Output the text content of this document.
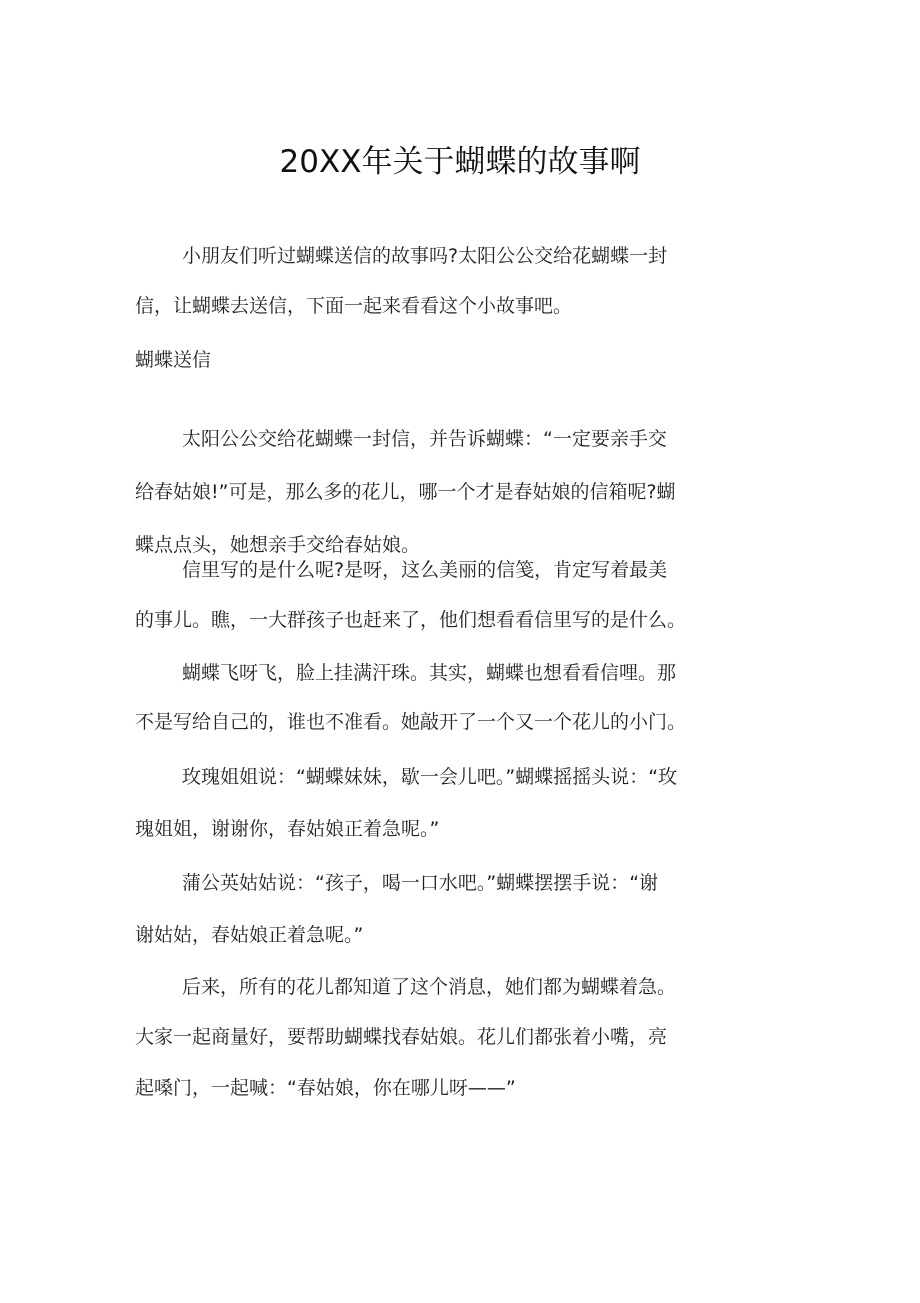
20XX年关于蝴蝶的故事啊
小朋友们听过蝴蝶送信的故事吗?太阳公公交给花蝴蝶一封
信，让蝴蝶去送信，下面一起来看看这个小故事吧。
蝴蝶送信
太阳公公交给花蝴蝶一封信，并告诉蝴蝶：“一定要亲手交
给春姑娘!”可是，那么多的花儿，哪一个才是春姑娘的信箱呢?蝴
蝶点点头，她想亲手交给春姑娘。
信里写的是什么呢?是呀，这么美丽的信笺，肯定写着最美
的事儿。瞧，一大群孩子也赶来了，他们想看看信里写的是什么。
蝴蝶飞呀飞，脸上挂满汗珠。其实，蝴蝶也想看看信哩。那
不是写给自己的，谁也不准看。她敲开了一个又一个花儿的小门。
玫瑰姐姐说：“蝴蝶妹妹，歇一会儿吧。”蝴蝶摇摇头说：“玫
瑰姐姐，谢谢你，春姑娘正着急呢。”
蒲公英姑姑说：“孩子，喝一口水吧。”蝴蝶摆摆手说：“谢
谢姑姑，春姑娘正着急呢。”
后来，所有的花儿都知道了这个消息，她们都为蝴蝶着急。
大家一起商量好，要帮助蝴蝶找春姑娘。花儿们都张着小嘴，亮
起嗓门，一起喊：“春姑娘，你在哪儿呀——”
